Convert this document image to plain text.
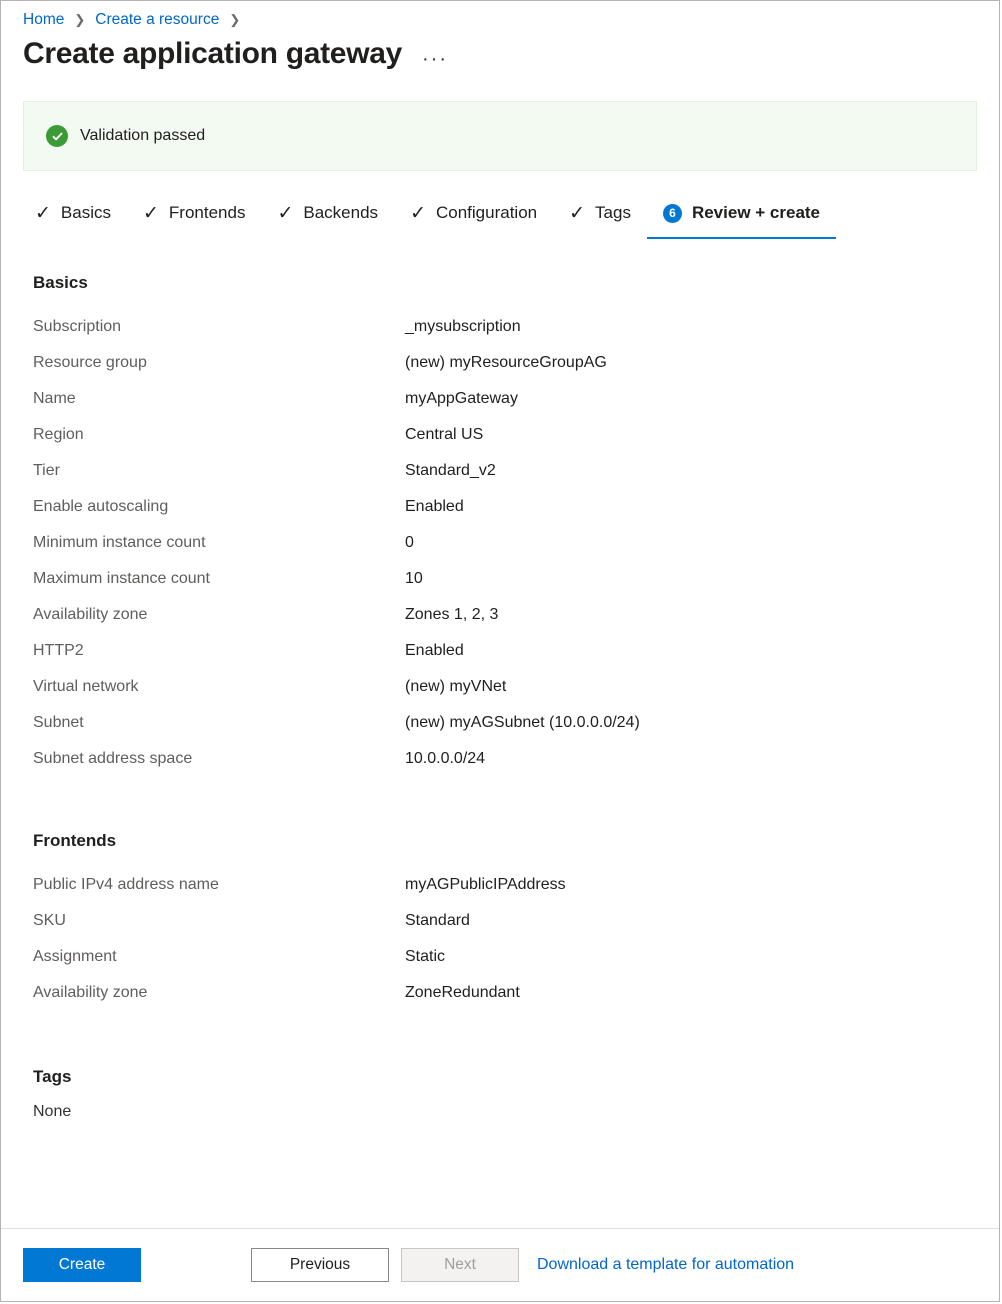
Home ❯ Create a resource ❯
Create application gateway ···
Validation passed
✓ Basics ✓ Frontends ✓ Backends ✓ Configuration ✓ Tags	6 Review + create
Basics
Subscription	_mysubscription
Resource group	(new) myResourceGroupAG
Name	myAppGateway
Region	Central US
Tier	Standard_v2
Enable autoscaling	Enabled
Minimum instance count	0
Maximum instance count	10
Availability zone	Zones 1, 2, 3
HTTP2	Enabled
Virtual network	(new) myVNet
Subnet	(new) myAGSubnet (10.0.0.0/24)
Subnet address space	10.0.0.0/24
Frontends
Public IPv4 address name	myAGPublicIPAddress
SKU	Standard
Assignment	Static
Availability zone	ZoneRedundant
Tags
None
Create	Previous	Next	Download a template for automation
